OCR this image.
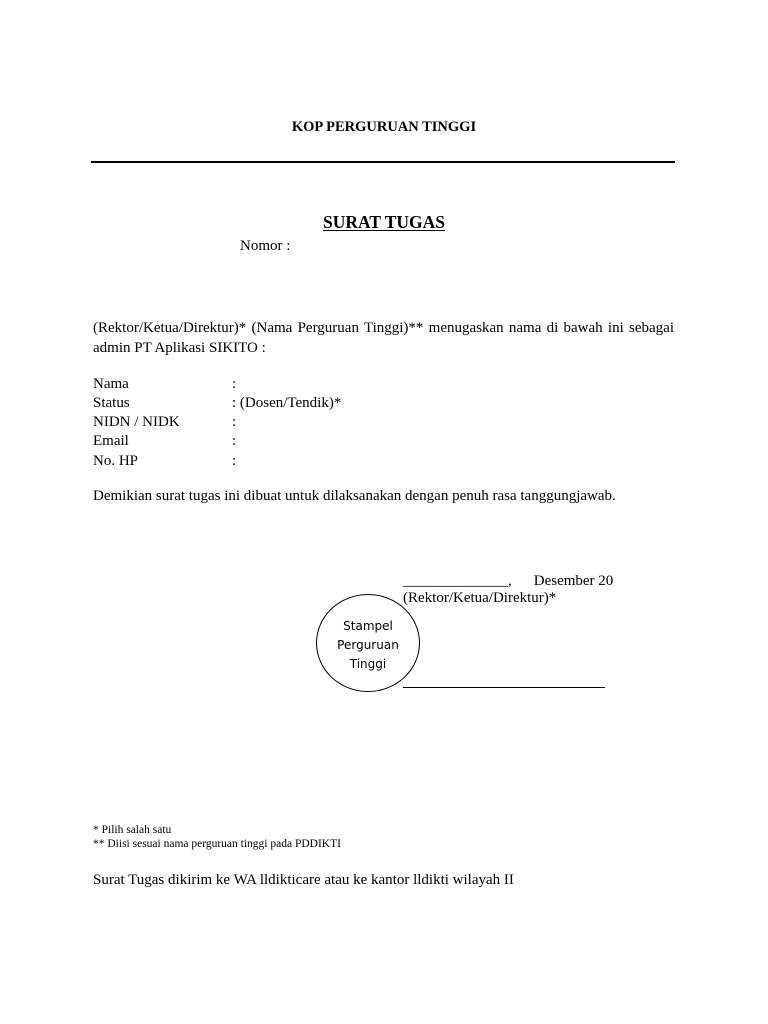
KOP PERGURUAN TINGGI
SURAT TUGAS
Nomor :
(Rektor/Ketua/Direktur)* (Nama Perguruan Tinggi)** menugaskan nama di bawah ini sebagai admin PT Aplikasi SIKITO :
Nama	:
Status	: (Dosen/Tendik)*
NIDN / NIDK	:
Email	:
No. HP	:
Demikian surat tugas ini dibuat untuk dilaksanakan dengan penuh rasa tanggungjawab.
______________, Desember 20
(Rektor/Ketua/Direktur)*
Stampel Perguruan Tinggi
* Pilih salah satu
** Diisi sesuai nama perguruan tinggi pada PDDIKTI
Surat Tugas dikirim ke WA lldikticare atau ke kantor lldikti wilayah II
